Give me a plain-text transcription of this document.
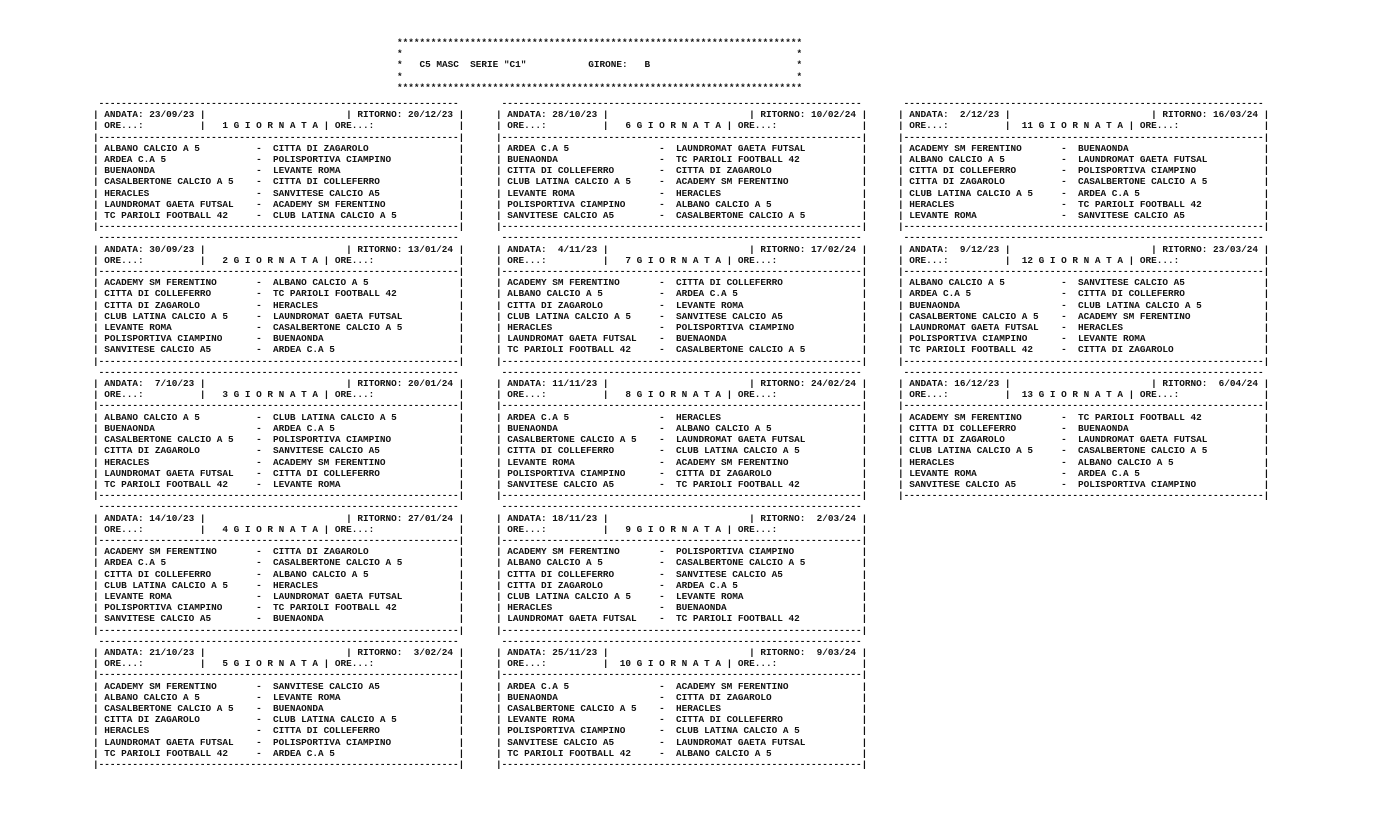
************************************************************************
*                                                                      *
*   C5 MASC  SERIE "C1"           GIRONE:   B                          *
*                                                                      *
************************************************************************
----------------------------------------------------------------
| ANDATA: 23/09/23 |                         | RITORNO: 20/12/23 |
| ORE...:          |   1 G I O R N A T A | ORE...:               |
|----------------------------------------------------------------|
| ALBANO CALCIO A 5          -  CITTA DI ZAGAROLO                |
| ARDEA C.A 5                -  POLISPORTIVA CIAMPINO            |
| BUENAONDA                  -  LEVANTE ROMA                     |
| CASALBERTONE CALCIO A 5    -  CITTA DI COLLEFERRO              |
| HERACLES                   -  SANVITESE CALCIO A5              |
| LAUNDROMAT GAETA FUTSAL    -  ACADEMY SM FERENTINO             |
| TC PARIOLI FOOTBALL 42     -  CLUB LATINA CALCIO A 5           |
|----------------------------------------------------------------|
----------------------------------------------------------------
| ANDATA: 30/09/23 |                         | RITORNO: 13/01/24 |
| ORE...:          |   2 G I O R N A T A | ORE...:               |
|----------------------------------------------------------------|
| ACADEMY SM FERENTINO       -  ALBANO CALCIO A 5                |
| CITTA DI COLLEFERRO        -  TC PARIOLI FOOTBALL 42           |
| CITTA DI ZAGAROLO          -  HERACLES                         |
| CLUB LATINA CALCIO A 5     -  LAUNDROMAT GAETA FUTSAL          |
| LEVANTE ROMA               -  CASALBERTONE CALCIO A 5          |
| POLISPORTIVA CIAMPINO      -  BUENAONDA                        |
| SANVITESE CALCIO A5        -  ARDEA C.A 5                      |
|----------------------------------------------------------------|
----------------------------------------------------------------
| ANDATA:  7/10/23 |                         | RITORNO: 20/01/24 |
| ORE...:          |   3 G I O R N A T A | ORE...:               |
|----------------------------------------------------------------|
| ALBANO CALCIO A 5          -  CLUB LATINA CALCIO A 5           |
| BUENAONDA                  -  ARDEA C.A 5                      |
| CASALBERTONE CALCIO A 5    -  POLISPORTIVA CIAMPINO            |
| CITTA DI ZAGAROLO          -  SANVITESE CALCIO A5              |
| HERACLES                   -  ACADEMY SM FERENTINO             |
| LAUNDROMAT GAETA FUTSAL    -  CITTA DI COLLEFERRO              |
| TC PARIOLI FOOTBALL 42     -  LEVANTE ROMA                     |
|----------------------------------------------------------------|
----------------------------------------------------------------
| ANDATA: 14/10/23 |                         | RITORNO: 27/01/24 |
| ORE...:          |   4 G I O R N A T A | ORE...:               |
|----------------------------------------------------------------|
| ACADEMY SM FERENTINO       -  CITTA DI ZAGAROLO                |
| ARDEA C.A 5                -  CASALBERTONE CALCIO A 5          |
| CITTA DI COLLEFERRO        -  ALBANO CALCIO A 5                |
| CLUB LATINA CALCIO A 5     -  HERACLES                         |
| LEVANTE ROMA               -  LAUNDROMAT GAETA FUTSAL          |
| POLISPORTIVA CIAMPINO      -  TC PARIOLI FOOTBALL 42           |
| SANVITESE CALCIO A5        -  BUENAONDA                        |
|----------------------------------------------------------------|
----------------------------------------------------------------
| ANDATA: 21/10/23 |                         | RITORNO:  3/02/24 |
| ORE...:          |   5 G I O R N A T A | ORE...:               |
|----------------------------------------------------------------|
| ACADEMY SM FERENTINO       -  SANVITESE CALCIO A5              |
| ALBANO CALCIO A 5          -  LEVANTE ROMA                     |
| CASALBERTONE CALCIO A 5    -  BUENAONDA                        |
| CITTA DI ZAGAROLO          -  CLUB LATINA CALCIO A 5           |
| HERACLES                   -  CITTA DI COLLEFERRO              |
| LAUNDROMAT GAETA FUTSAL    -  POLISPORTIVA CIAMPINO            |
| TC PARIOLI FOOTBALL 42     -  ARDEA C.A 5                      |
|----------------------------------------------------------------|
----------------------------------------------------------------
| ANDATA: 28/10/23 |                         | RITORNO: 10/02/24 |
| ORE...:          |   6 G I O R N A T A | ORE...:               |
|----------------------------------------------------------------|
| ARDEA C.A 5                -  LAUNDROMAT GAETA FUTSAL          |
| BUENAONDA                  -  TC PARIOLI FOOTBALL 42           |
| CITTA DI COLLEFERRO        -  CITTA DI ZAGAROLO                |
| CLUB LATINA CALCIO A 5     -  ACADEMY SM FERENTINO             |
| LEVANTE ROMA               -  HERACLES                         |
| POLISPORTIVA CIAMPINO      -  ALBANO CALCIO A 5                |
| SANVITESE CALCIO A5        -  CASALBERTONE CALCIO A 5          |
|----------------------------------------------------------------|
----------------------------------------------------------------
| ANDATA:  4/11/23 |                         | RITORNO: 17/02/24 |
| ORE...:          |   7 G I O R N A T A | ORE...:               |
|----------------------------------------------------------------|
| ACADEMY SM FERENTINO       -  CITTA DI COLLEFERRO              |
| ALBANO CALCIO A 5          -  ARDEA C.A 5                      |
| CITTA DI ZAGAROLO          -  LEVANTE ROMA                     |
| CLUB LATINA CALCIO A 5     -  SANVITESE CALCIO A5              |
| HERACLES                   -  POLISPORTIVA CIAMPINO            |
| LAUNDROMAT GAETA FUTSAL    -  BUENAONDA                        |
| TC PARIOLI FOOTBALL 42     -  CASALBERTONE CALCIO A 5          |
|----------------------------------------------------------------|
----------------------------------------------------------------
| ANDATA: 11/11/23 |                         | RITORNO: 24/02/24 |
| ORE...:          |   8 G I O R N A T A | ORE...:               |
|----------------------------------------------------------------|
| ARDEA C.A 5                -  HERACLES                         |
| BUENAONDA                  -  ALBANO CALCIO A 5                |
| CASALBERTONE CALCIO A 5    -  LAUNDROMAT GAETA FUTSAL          |
| CITTA DI COLLEFERRO        -  CLUB LATINA CALCIO A 5           |
| LEVANTE ROMA               -  ACADEMY SM FERENTINO             |
| POLISPORTIVA CIAMPINO      -  CITTA DI ZAGAROLO                |
| SANVITESE CALCIO A5        -  TC PARIOLI FOOTBALL 42           |
|----------------------------------------------------------------|
----------------------------------------------------------------
| ANDATA: 18/11/23 |                         | RITORNO:  2/03/24 |
| ORE...:          |   9 G I O R N A T A | ORE...:               |
|----------------------------------------------------------------|
| ACADEMY SM FERENTINO       -  POLISPORTIVA CIAMPINO            |
| ALBANO CALCIO A 5          -  CASALBERTONE CALCIO A 5          |
| CITTA DI COLLEFERRO        -  SANVITESE CALCIO A5              |
| CITTA DI ZAGAROLO          -  ARDEA C.A 5                      |
| CLUB LATINA CALCIO A 5     -  LEVANTE ROMA                     |
| HERACLES                   -  BUENAONDA                        |
| LAUNDROMAT GAETA FUTSAL    -  TC PARIOLI FOOTBALL 42           |
|----------------------------------------------------------------|
----------------------------------------------------------------
| ANDATA: 25/11/23 |                         | RITORNO:  9/03/24 |
| ORE...:          |  10 G I O R N A T A | ORE...:               |
|----------------------------------------------------------------|
| ARDEA C.A 5                -  ACADEMY SM FERENTINO             |
| BUENAONDA                  -  CITTA DI ZAGAROLO                |
| CASALBERTONE CALCIO A 5    -  HERACLES                         |
| LEVANTE ROMA               -  CITTA DI COLLEFERRO              |
| POLISPORTIVA CIAMPINO      -  CLUB LATINA CALCIO A 5           |
| SANVITESE CALCIO A5        -  LAUNDROMAT GAETA FUTSAL          |
| TC PARIOLI FOOTBALL 42     -  ALBANO CALCIO A 5                |
|----------------------------------------------------------------|
----------------------------------------------------------------
| ANDATA:  2/12/23 |                         | RITORNO: 16/03/24 |
| ORE...:          |  11 G I O R N A T A | ORE...:               |
|----------------------------------------------------------------|
| ACADEMY SM FERENTINO       -  BUENAONDA                        |
| ALBANO CALCIO A 5          -  LAUNDROMAT GAETA FUTSAL          |
| CITTA DI COLLEFERRO        -  POLISPORTIVA CIAMPINO            |
| CITTA DI ZAGAROLO          -  CASALBERTONE CALCIO A 5          |
| CLUB LATINA CALCIO A 5     -  ARDEA C.A 5                      |
| HERACLES                   -  TC PARIOLI FOOTBALL 42           |
| LEVANTE ROMA               -  SANVITESE CALCIO A5              |
|----------------------------------------------------------------|
----------------------------------------------------------------
| ANDATA:  9/12/23 |                         | RITORNO: 23/03/24 |
| ORE...:          |  12 G I O R N A T A | ORE...:               |
|----------------------------------------------------------------|
| ALBANO CALCIO A 5          -  SANVITESE CALCIO A5              |
| ARDEA C.A 5                -  CITTA DI COLLEFERRO              |
| BUENAONDA                  -  CLUB LATINA CALCIO A 5           |
| CASALBERTONE CALCIO A 5    -  ACADEMY SM FERENTINO             |
| LAUNDROMAT GAETA FUTSAL    -  HERACLES                         |
| POLISPORTIVA CIAMPINO      -  LEVANTE ROMA                     |
| TC PARIOLI FOOTBALL 42     -  CITTA DI ZAGAROLO                |
|----------------------------------------------------------------|
----------------------------------------------------------------
| ANDATA: 16/12/23 |                         | RITORNO:  6/04/24 |
| ORE...:          |  13 G I O R N A T A | ORE...:               |
|----------------------------------------------------------------|
| ACADEMY SM FERENTINO       -  TC PARIOLI FOOTBALL 42           |
| CITTA DI COLLEFERRO        -  BUENAONDA                        |
| CITTA DI ZAGAROLO          -  LAUNDROMAT GAETA FUTSAL          |
| CLUB LATINA CALCIO A 5     -  CASALBERTONE CALCIO A 5          |
| HERACLES                   -  ALBANO CALCIO A 5                |
| LEVANTE ROMA               -  ARDEA C.A 5                      |
| SANVITESE CALCIO A5        -  POLISPORTIVA CIAMPINO            |
|----------------------------------------------------------------|
